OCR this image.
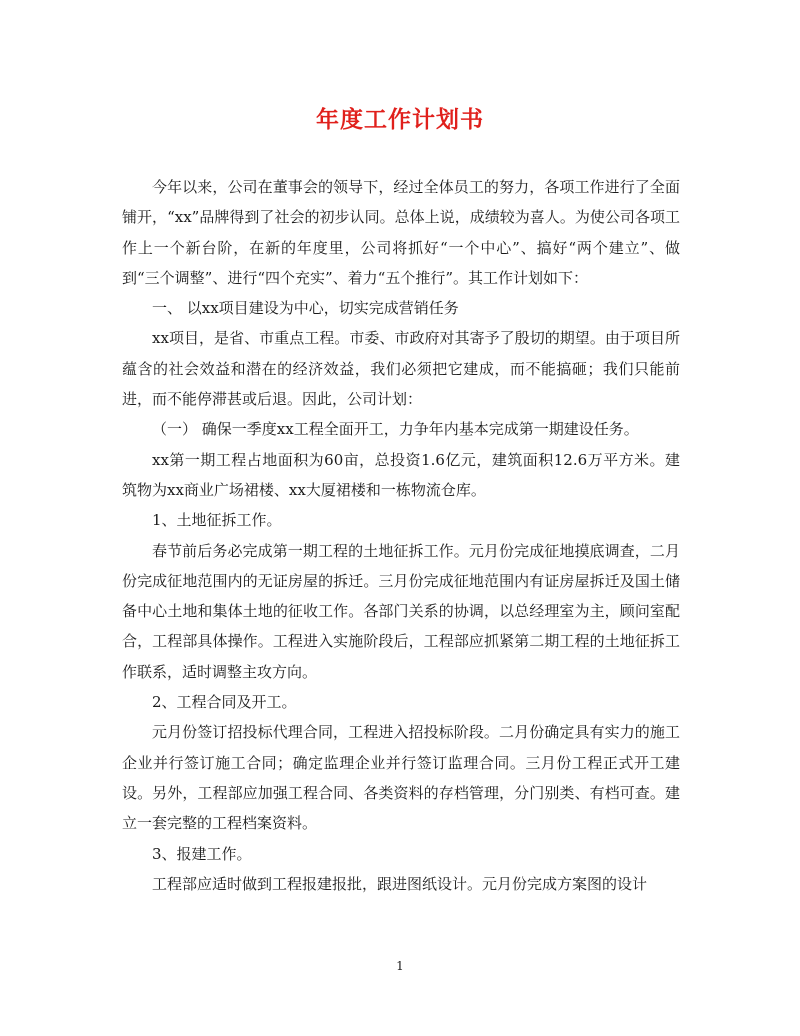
年度工作计划书

今年以来，公司在董事会的领导下，经过全体员工的努力，各项工作进行了全面铺开，“xx”品牌得到了社会的初步认同。总体上说，成绩较为喜人。为使公司各项工作上一个新台阶，在新的年度里，公司将抓好“一个中心”、搞好“两个建立”、做到“三个调整”、进行“四个充实”、着力“五个推行”。其工作计划如下：

一、 以xx项目建设为中心，切实完成营销任务

xx项目，是省、市重点工程。市委、市政府对其寄予了殷切的期望。由于项目所蕴含的社会效益和潜在的经济效益，我们必须把它建成，而不能搞砸；我们只能前进，而不能停滞甚或后退。因此，公司计划：

（一） 确保一季度xx工程全面开工，力争年内基本完成第一期建设任务。

xx第一期工程占地面积为60亩，总投资1.6亿元，建筑面积12.6万平方米。建筑物为xx商业广场裙楼、xx大厦裙楼和一栋物流仓库。

1、土地征拆工作。

春节前后务必完成第一期工程的土地征拆工作。元月份完成征地摸底调查，二月份完成征地范围内的无证房屋的拆迁。三月份完成征地范围内有证房屋拆迁及国土储备中心土地和集体土地的征收工作。各部门关系的协调，以总经理室为主，顾问室配合，工程部具体操作。工程进入实施阶段后，工程部应抓紧第二期工程的土地征拆工作联系，适时调整主攻方向。

2、工程合同及开工。

元月份签订招投标代理合同，工程进入招投标阶段。二月份确定具有实力的施工企业并行签订施工合同；确定监理企业并行签订监理合同。三月份工程正式开工建设。另外，工程部应加强工程合同、各类资料的存档管理，分门别类、有档可查。建立一套完整的工程档案资料。

3、报建工作。

工程部应适时做到工程报建报批，跟进图纸设计。元月份完成方案图的设计

1
